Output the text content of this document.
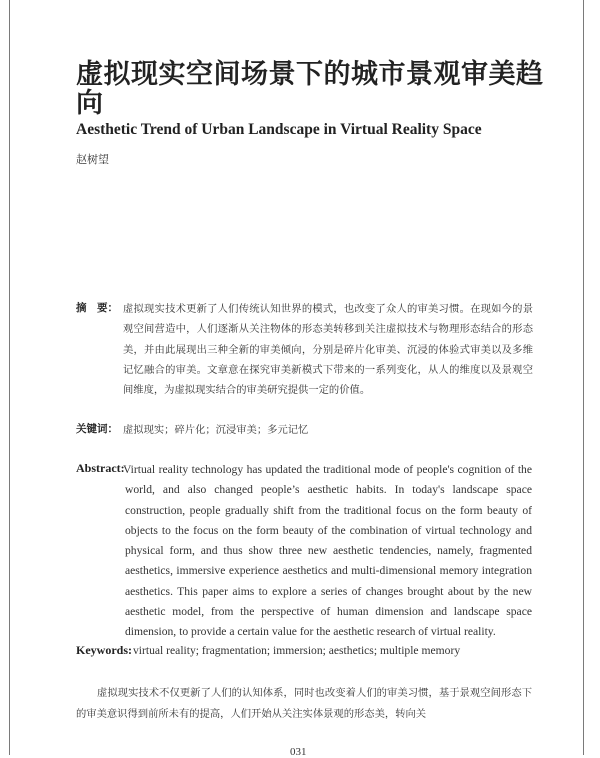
虚拟现实空间场景下的城市景观审美趋向
Aesthetic Trend of Urban Landscape in Virtual Reality Space
赵树望
摘　要： 虚拟现实技术更新了人们传统认知世界的模式，也改变了众人的审美习惯。在现如今的景观空间营造中，人们逐渐从关注物体的形态美转移到关注虚拟技术与物理形态结合的形态美，并由此展现出三种全新的审美倾向，分别是碎片化审美、沉浸的体验式审美以及多维记忆融合的审美。文章意在探究审美新模式下带来的一系列变化，从人的维度以及景观空间维度，为虚拟现实结合的审美研究提供一定的价值。
关键词： 虚拟现实；碎片化；沉浸审美；多元记忆
Abstract:
Virtual reality technology has updated the traditional mode of people's cognition of the world, and also changed people’s aesthetic habits. In today's landscape space construction, people gradually shift from the traditional focus on the form beauty of objects to the focus on the form beauty of the combination of virtual technology and physical form, and thus show three new aesthetic tendencies, namely, fragmented aesthetics, immersive experience aesthetics and multi-dimensional memory integration aesthetics. This paper aims to explore a series of changes brought about by the new aesthetic model, from the perspective of human dimension and landscape space dimension, to provide a certain value for the aesthetic research of virtual reality.
Keywords: virtual reality; fragmentation; immersion; aesthetics; multiple memory
虚拟现实技术不仅更新了人们的认知体系，同时也改变着人们的审美习惯，基于景观空间形态下的审美意识得到前所未有的提高，人们开始从关注实体景观的形态美，转向关
031
